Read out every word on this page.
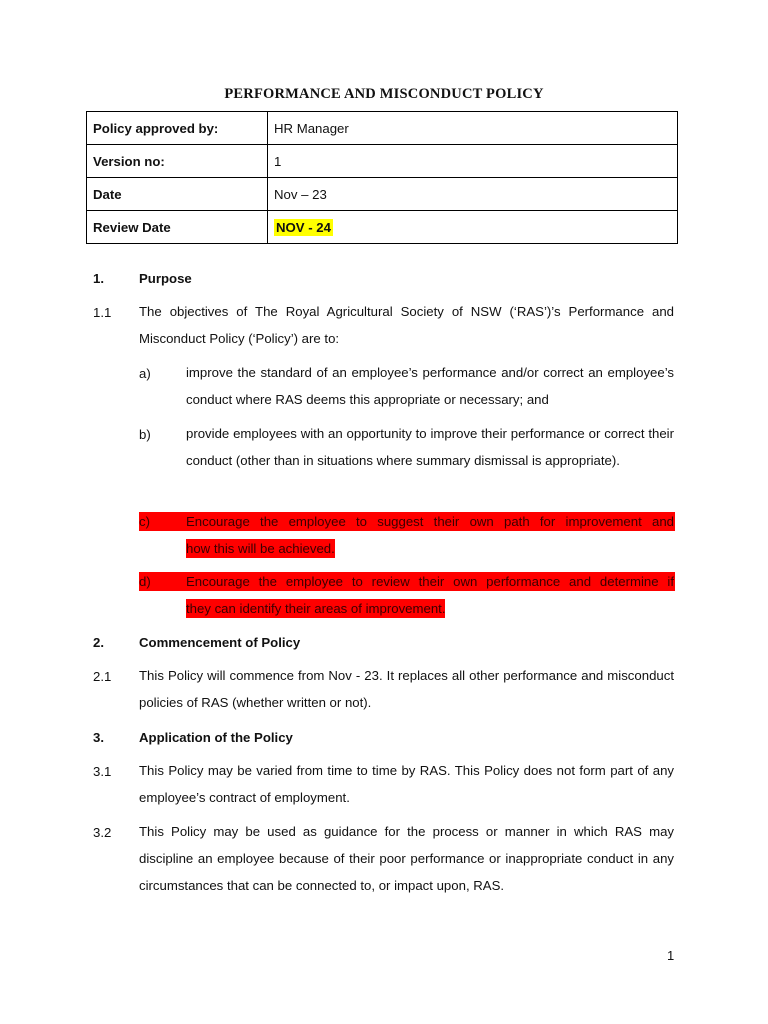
PERFORMANCE AND MISCONDUCT POLICY
Policy approved by:	HR Manager
Version no:	1
Date	Nov – 23
Review Date	NOV - 24
1.	Purpose
1.1 The objectives of The Royal Agricultural Society of NSW (‘RAS’)’s Performance and Misconduct Policy (‘Policy’) are to:
a)	improve the standard of an employee’s performance and/or correct an employee’s conduct where RAS deems this appropriate or necessary; and
b)	provide employees with an opportunity to improve their performance or correct their conduct (other than in situations where summary dismissal is appropriate).
c)	Encourage the employee to suggest their own path for improvement and
how this will be achieved.
d)	Encourage the employee to review their own performance and determine if
they can identify their areas of improvement.
2.	Commencement of Policy
2.1 This Policy will commence from Nov - 23. It replaces all other performance and misconduct policies of RAS (whether written or not).
3.	Application of the Policy
3.1 This Policy may be varied from time to time by RAS. This Policy does not form part of any employee’s contract of employment.
3.2 This Policy may be used as guidance for the process or manner in which RAS may discipline an employee because of their poor performance or inappropriate conduct in any circumstances that can be connected to, or impact upon, RAS.
1
